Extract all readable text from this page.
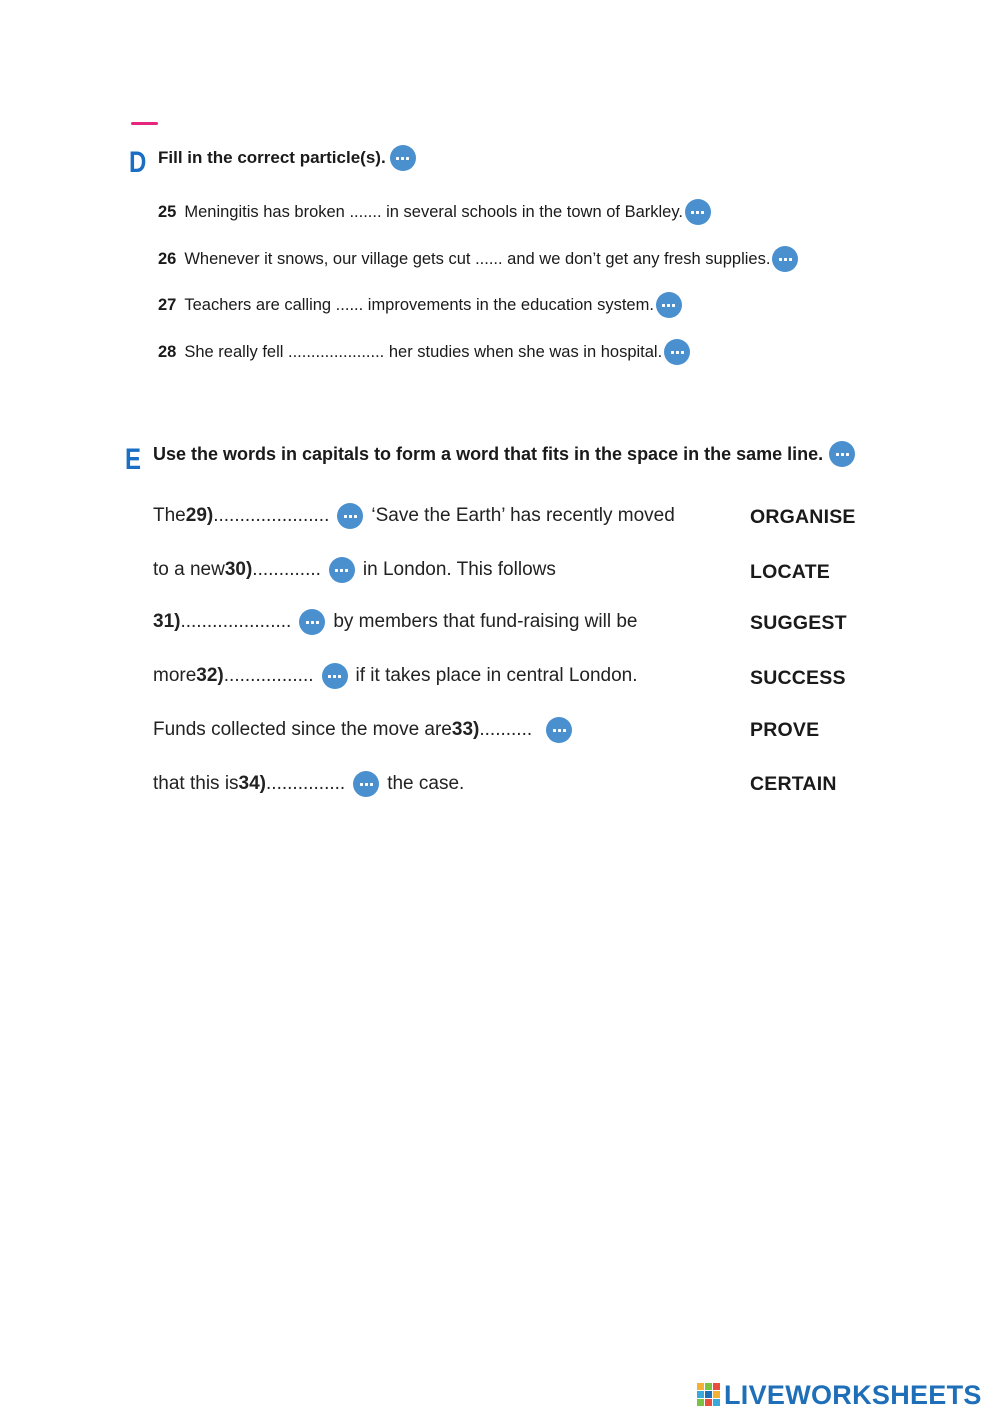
D Fill in the correct particle(s).
25 Meningitis has broken ....... in several schools in the town of Barkley.
26 Whenever it snows, our village gets cut ...... and we don’t get any fresh supplies.
27 Teachers are calling ...... improvements in the education system.
28 She really fell ..................... her studies when she was in hospital.
E Use the words in capitals to form a word that fits in the space in the same line.
The 29) ...................... ‘Save the Earth’ has recently moved	ORGANISE
to a new 30) ............. in London. This follows	LOCATE
31) ..................... by members that fund-raising will be	SUGGEST
more 32) ................. if it takes place in central London.	SUCCESS
Funds collected since the move are 33) ..........	PROVE
that this is 34) ............... the case.	CERTAIN
LIVEWORKSHEETS
